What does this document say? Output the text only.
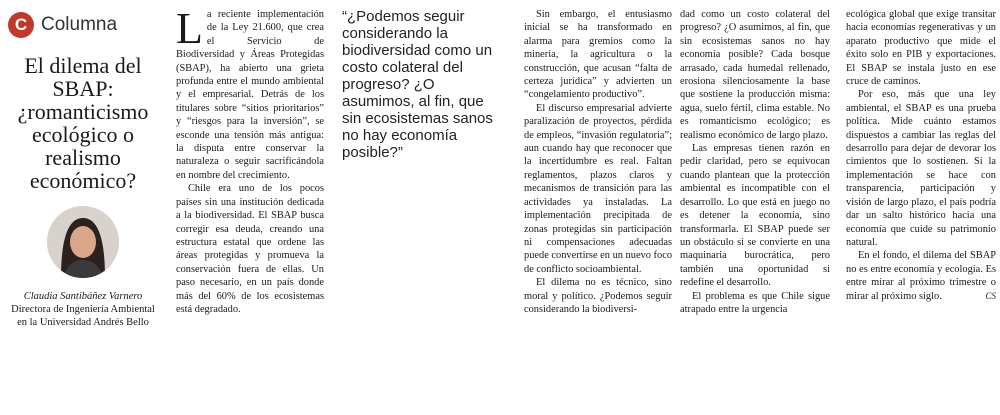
C Columna
El dilema del SBAP: ¿romanticismo ecológico o realismo económico?
Claudia Santibáñez Varnero
Directora de Ingeniería Ambiental en la Universidad Andrés Bello

La reciente implementación de la Ley 21.600, que crea el Servicio de Biodiversidad y Áreas Protegidas (SBAP), ha abierto una grieta profunda entre el mundo ambiental y el empresarial. Detrás de los titulares sobre “sitios prioritarios” y “riesgos para la inversión”, se esconde una tensión más antigua: la disputa entre conservar la naturaleza o seguir sacrificándola en nombre del crecimiento.

Chile era uno de los pocos países sin una institución dedicada a la biodiversidad. El SBAP busca corregir esa deuda, creando una estructura estatal que ordene las áreas protegidas y promueva la conservación fuera de ellas. Un paso necesario, en un país donde más del 60% de los ecosistemas está degradado.

“¿Podemos seguir considerando la biodiversidad como un costo colateral del progreso? ¿O asumimos, al fin, que sin ecosistemas sanos no hay economía posible?”

Sin embargo, el entusiasmo inicial se ha transformado en alarma para gremios como la minería, la agricultura o la construcción, que acusan “falta de certeza jurídica” y advierten un “congelamiento productivo”.

El discurso empresarial advierte paralización de proyectos, pérdida de empleos, “invasión regulatoria”; aun cuando hay que reconocer que la incertidumbre es real. Faltan reglamentos, plazos claros y mecanismos de transición para las actividades ya instaladas. La implementación precipitada de zonas protegidas sin participación ni compensaciones adecuadas puede convertirse en un nuevo foco de conflicto socioambiental.

El dilema no es técnico, sino moral y político. ¿Podemos seguir considerando la biodiversi-

dad como un costo colateral del progreso? ¿O asumimos, al fin, que sin ecosistemas sanos no hay economía posible? Cada bosque arrasado, cada humedal rellenado, erosiona silenciosamente la base que sostiene la producción misma: agua, suelo fértil, clima estable. No es romanticismo ecológico; es realismo económico de largo plazo.

Las empresas tienen razón en pedir claridad, pero se equivocan cuando plantean que la protección ambiental es incompatible con el desarrollo. Lo que está en juego no es detener la economía, sino transformarla. El SBAP puede ser un obstáculo si se convierte en una maquinaria burocrática, pero también una oportunidad si redefine el desarrollo.

El problema es que Chile sigue atrapado entre la urgencia

ecológica global que exige transitar hacia economías regenerativas y un aparato productivo que mide el éxito solo en PIB y exportaciones. El SBAP se instala justo en ese cruce de caminos.

Por eso, más que una ley ambiental, el SBAP es una prueba política. Mide cuánto estamos dispuestos a cambiar las reglas del desarrollo para dejar de devorar los cimientos que lo sostienen. Si la implementación se hace con transparencia, participación y visión de largo plazo, el país podría dar un salto histórico hacia una economía que cuide su patrimonio natural.

En el fondo, el dilema del SBAP no es entre economía y ecología. Es entre mirar al próximo trimestre o mirar al próximo siglo.	CS
